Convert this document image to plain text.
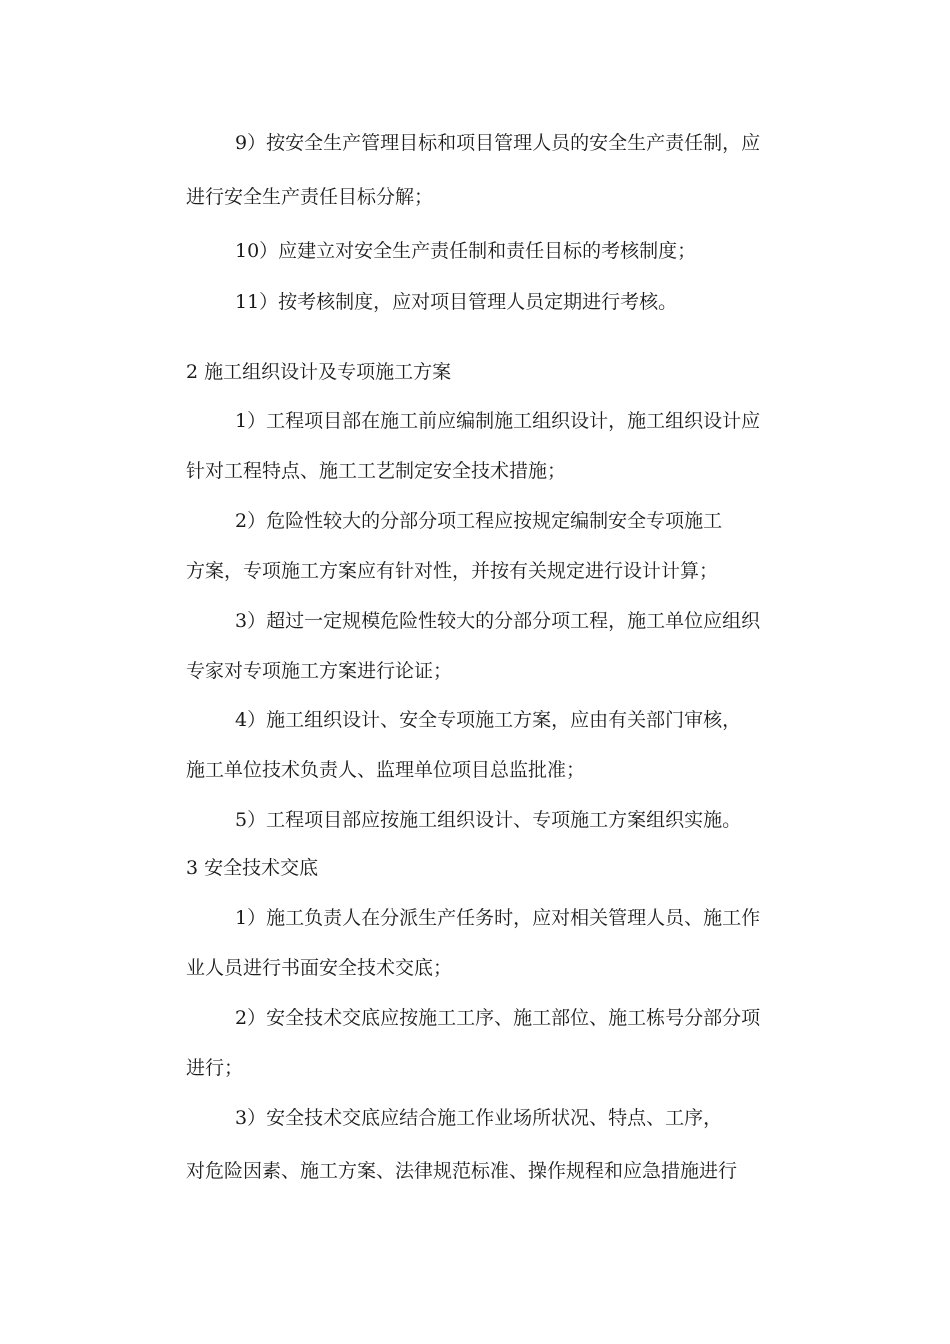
9）按安全生产管理目标和项目管理人员的安全生产责任制，应
进行安全生产责任目标分解；
10）应建立对安全生产责任制和责任目标的考核制度；
11）按考核制度，应对项目管理人员定期进行考核。
2 施工组织设计及专项施工方案
1）工程项目部在施工前应编制施工组织设计，施工组织设计应
针对工程特点、施工工艺制定安全技术措施；
2）危险性较大的分部分项工程应按规定编制安全专项施工
方案，专项施工方案应有针对性，并按有关规定进行设计计算；
3）超过一定规模危险性较大的分部分项工程，施工单位应组织
专家对专项施工方案进行论证；
4）施工组织设计、安全专项施工方案，应由有关部门审核，
施工单位技术负责人、监理单位项目总监批准；
5）工程项目部应按施工组织设计、专项施工方案组织实施。
3 安全技术交底
1）施工负责人在分派生产任务时，应对相关管理人员、施工作
业人员进行书面安全技术交底；
2）安全技术交底应按施工工序、施工部位、施工栋号分部分项
进行；
3）安全技术交底应结合施工作业场所状况、特点、工序，
对危险因素、施工方案、法律规范标准、操作规程和应急措施进行
